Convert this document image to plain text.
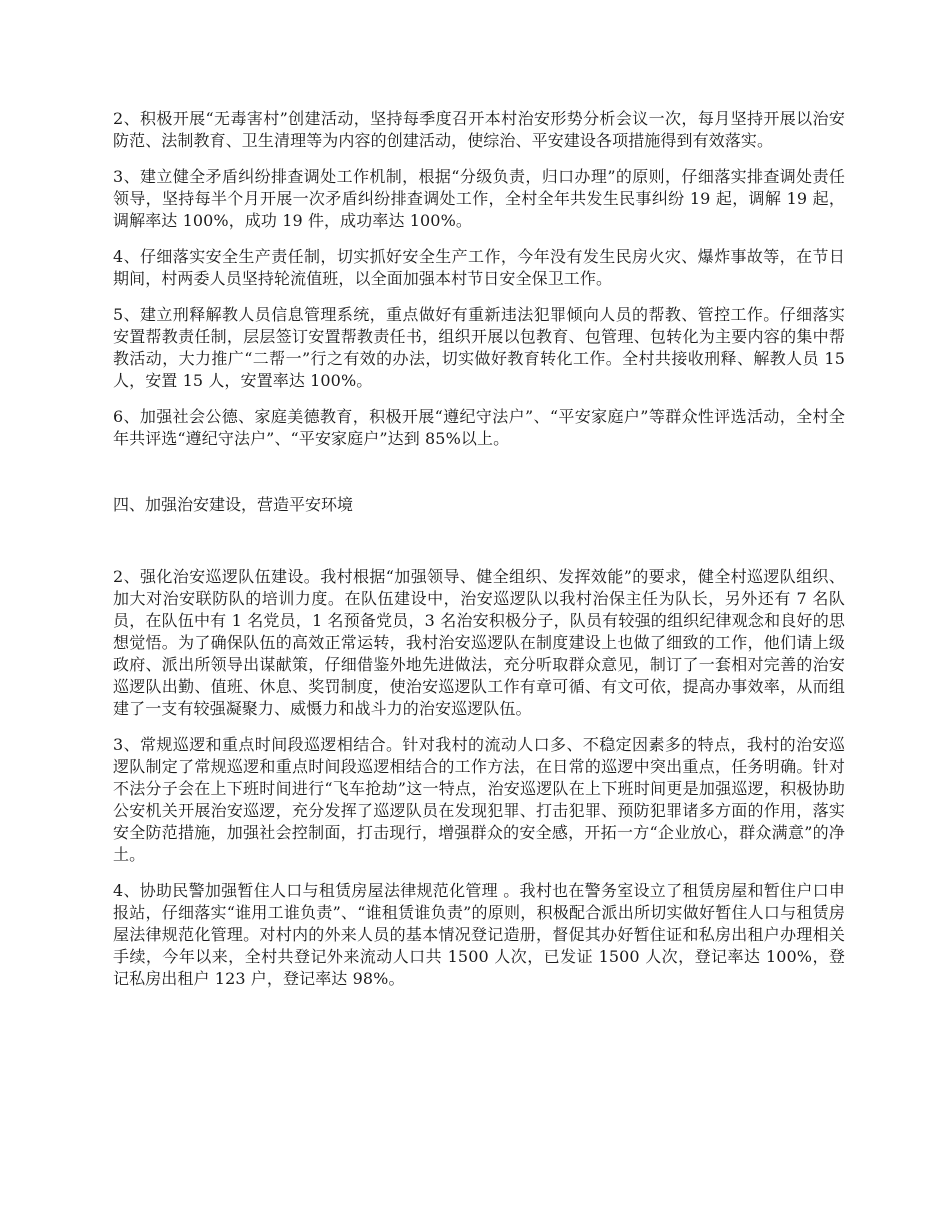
2、积极开展“无毒害村”创建活动，坚持每季度召开本村治安形势分析会议一次，每月坚持开展以治安防范、法制教育、卫生清理等为内容的创建活动，使综治、平安建设各项措施得到有效落实。

3、建立健全矛盾纠纷排查调处工作机制，根据“分级负责，归口办理”的原则，仔细落实排查调处责任领导，坚持每半个月开展一次矛盾纠纷排查调处工作，全村全年共发生民事纠纷 19 起，调解 19 起，调解率达 100%，成功 19 件，成功率达 100%。

4、仔细落实安全生产责任制，切实抓好安全生产工作，今年没有发生民房火灾、爆炸事故等，在节日期间，村两委人员坚持轮流值班，以全面加强本村节日安全保卫工作。

5、建立刑释解教人员信息管理系统，重点做好有重新违法犯罪倾向人员的帮教、管控工作。仔细落实安置帮教责任制，层层签订安置帮教责任书，组织开展以包教育、包管理、包转化为主要内容的集中帮教活动，大力推广“二帮一”行之有效的办法，切实做好教育转化工作。全村共接收刑释、解教人员 15 人，安置 15 人，安置率达 100%。

6、加强社会公德、家庭美德教育，积极开展“遵纪守法户”、“平安家庭户”等群众性评选活动，全村全年共评选“遵纪守法户”、“平安家庭户”达到 85%以上。

四、加强治安建设，营造平安环境

2、强化治安巡逻队伍建设。我村根据“加强领导、健全组织、发挥效能”的要求，健全村巡逻队组织、加大对治安联防队的培训力度。在队伍建设中，治安巡逻队以我村治保主任为队长，另外还有 7 名队员，在队伍中有 1 名党员，1 名预备党员，3 名治安积极分子，队员有较强的组织纪律观念和良好的思想觉悟。为了确保队伍的高效正常运转，我村治安巡逻队在制度建设上也做了细致的工作，他们请上级政府、派出所领导出谋献策，仔细借鉴外地先进做法，充分听取群众意见，制订了一套相对完善的治安巡逻队出勤、值班、休息、奖罚制度，使治安巡逻队工作有章可循、有文可依，提高办事效率，从而组建了一支有较强凝聚力、威慑力和战斗力的治安巡逻队伍。

3、常规巡逻和重点时间段巡逻相结合。针对我村的流动人口多、不稳定因素多的特点，我村的治安巡逻队制定了常规巡逻和重点时间段巡逻相结合的工作方法，在日常的巡逻中突出重点，任务明确。针对不法分子会在上下班时间进行“飞车抢劫”这一特点，治安巡逻队在上下班时间更是加强巡逻，积极协助公安机关开展治安巡逻，充分发挥了巡逻队员在发现犯罪、打击犯罪、预防犯罪诸多方面的作用，落实安全防范措施，加强社会控制面，打击现行，增强群众的安全感，开拓一方“企业放心，群众满意”的净土。

4、协助民警加强暂住人口与租赁房屋法律规范化管理 。我村也在警务室设立了租赁房屋和暂住户口申报站，仔细落实“谁用工谁负责”、“谁租赁谁负责”的原则，积极配合派出所切实做好暂住人口与租赁房屋法律规范化管理。对村内的外来人员的基本情况登记造册，督促其办好暂住证和私房出租户办理相关手续，今年以来，全村共登记外来流动人口共 1500 人次，已发证 1500 人次，登记率达 100%，登记私房出租户 123 户，登记率达 98%。
